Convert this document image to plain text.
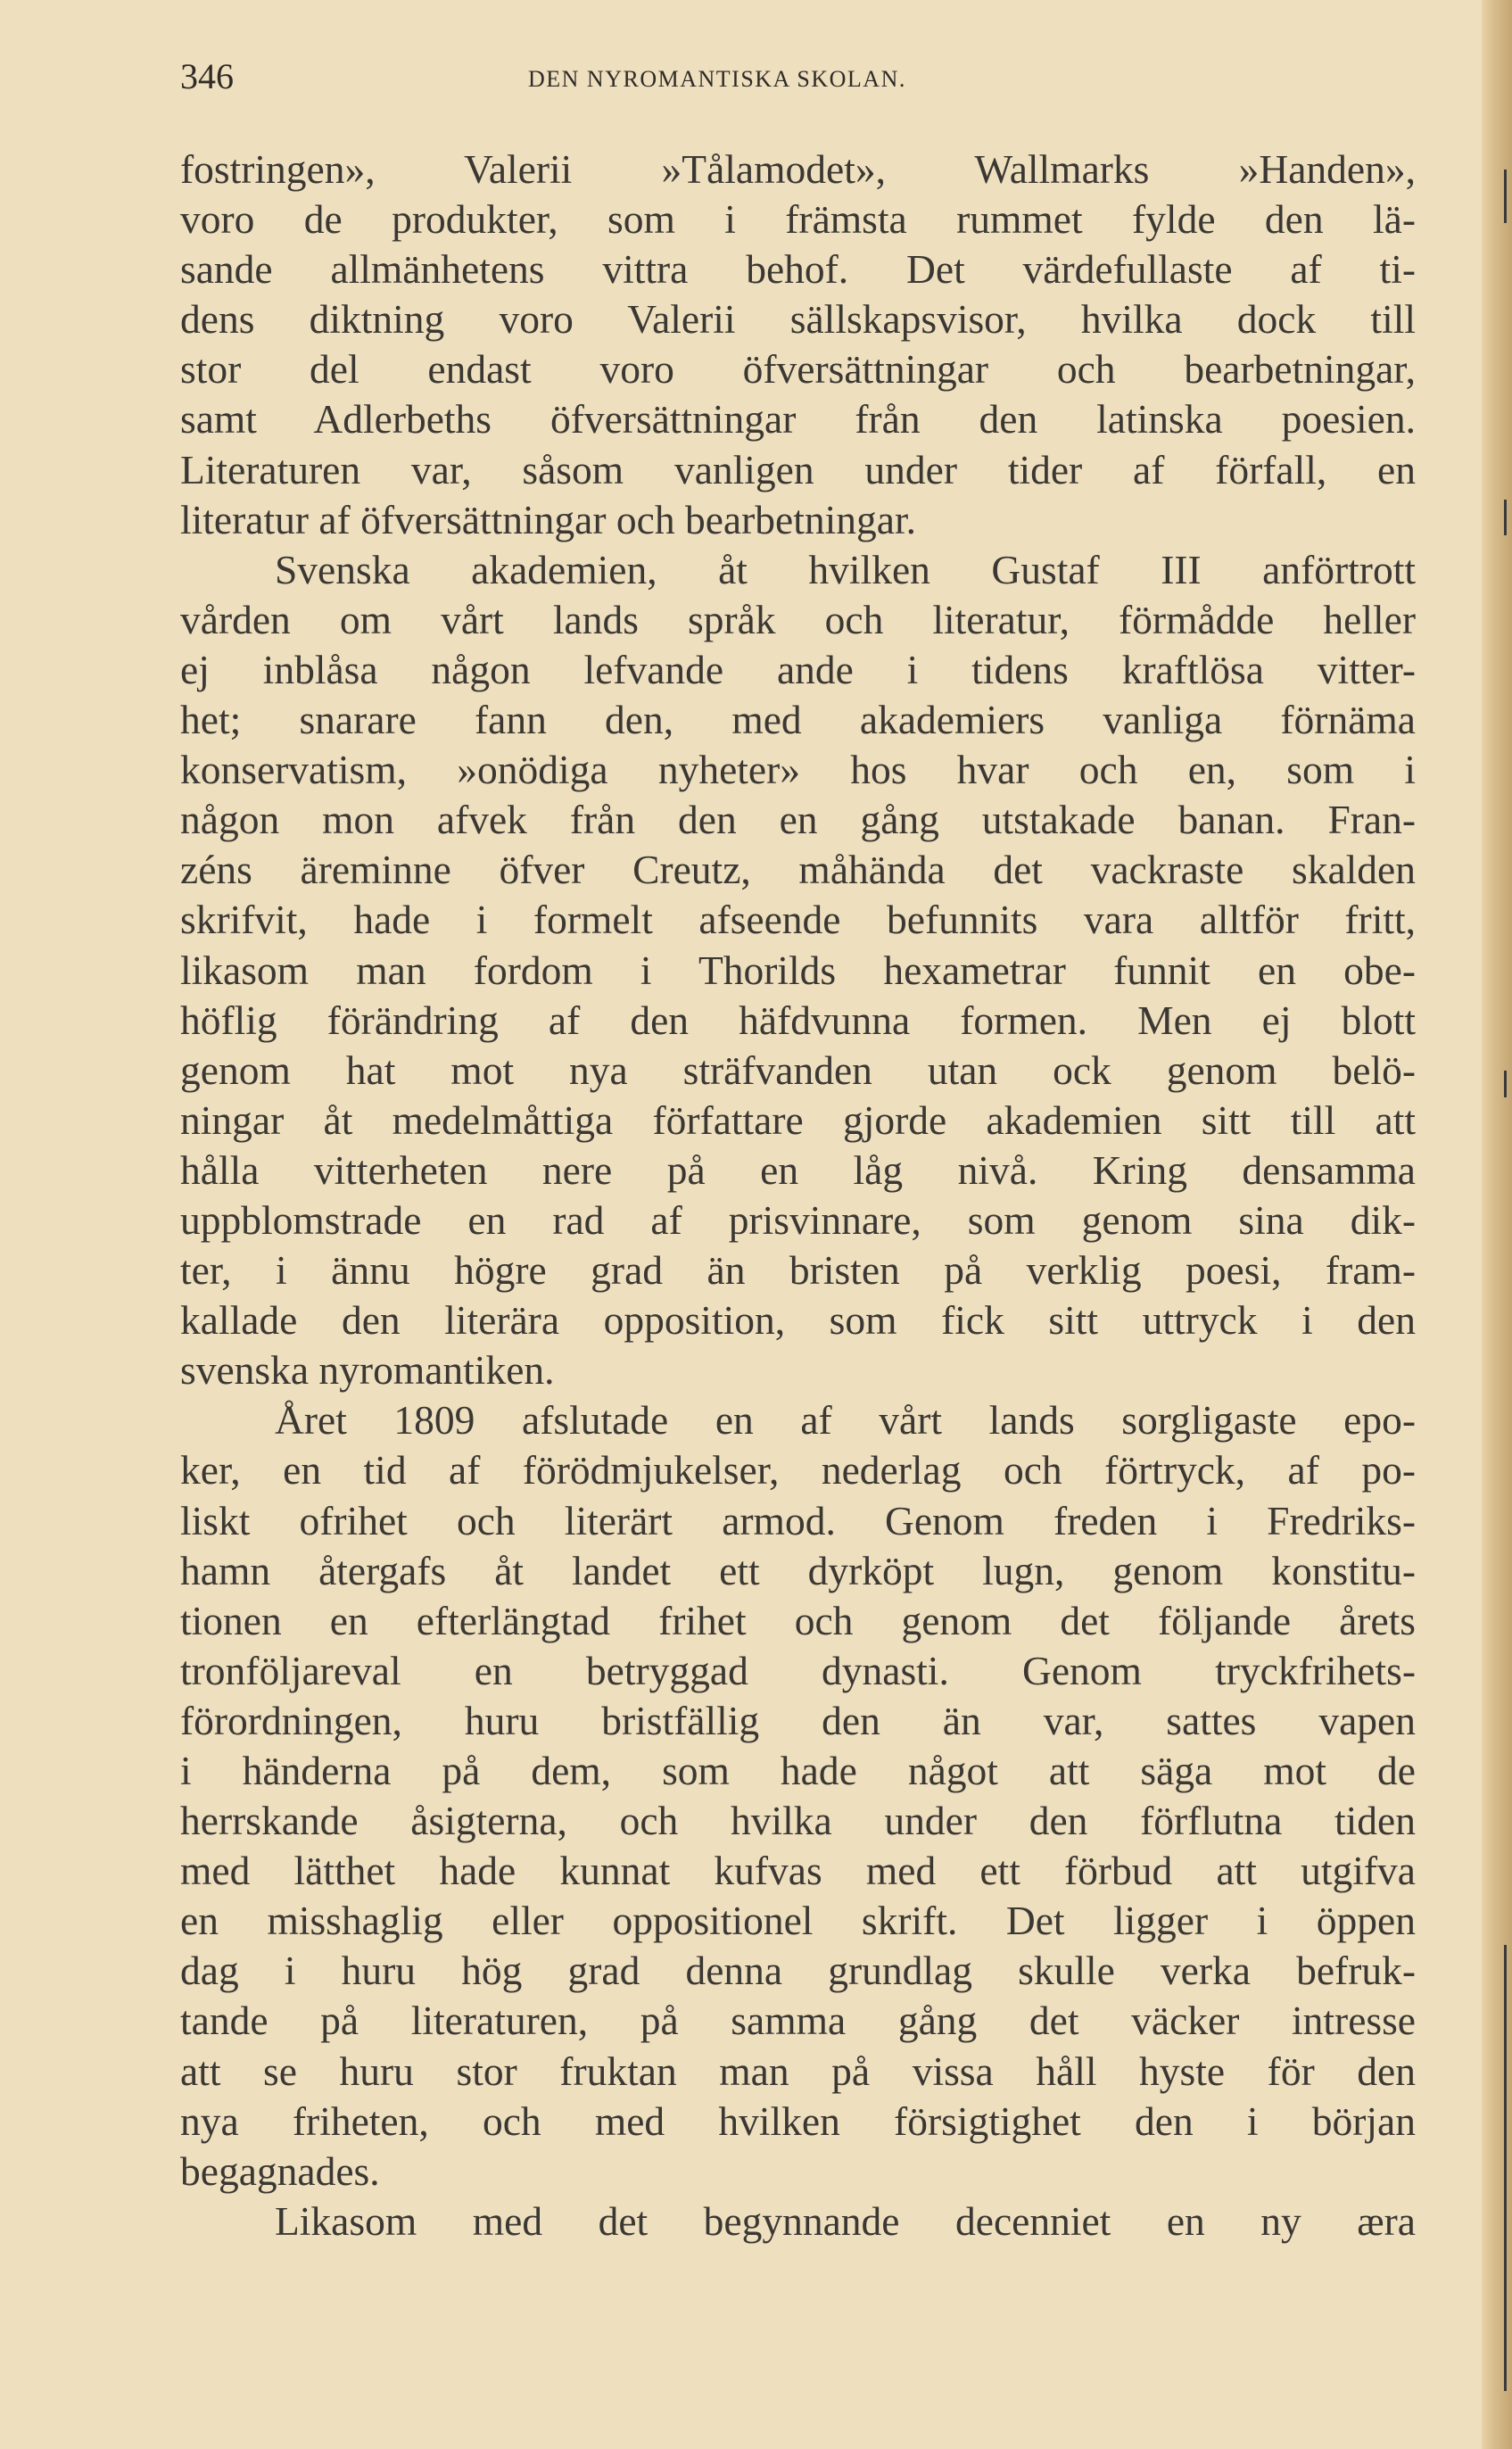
346	DEN NYROMANTISKA SKOLAN.
fostringen», Valerii »Tålamodet», Wallmarks »Handen»,
voro de produkter, som i främsta rummet fylde den lä-
sande allmänhetens vittra behof. Det värdefullaste af ti-
dens diktning voro Valerii sällskapsvisor, hvilka dock till
stor del endast voro öfversättningar och bearbetningar,
samt Adlerbeths öfversättningar från den latinska poesien.
Literaturen var, såsom vanligen under tider af förfall, en
literatur af öfversättningar och bearbetningar.
Svenska akademien, åt hvilken Gustaf III anförtrott
vården om vårt lands språk och literatur, förmådde heller
ej inblåsa någon lefvande ande i tidens kraftlösa vitter-
het; snarare fann den, med akademiers vanliga förnäma
konservatism, »onödiga nyheter» hos hvar och en, som i
någon mon afvek från den en gång utstakade banan. Fran-
zéns äreminne öfver Creutz, måhända det vackraste skalden
skrifvit, hade i formelt afseende befunnits vara alltför fritt,
likasom man fordom i Thorilds hexametrar funnit en obe-
höflig förändring af den häfdvunna formen. Men ej blott
genom hat mot nya sträfvanden utan ock genom belö-
ningar åt medelmåttiga författare gjorde akademien sitt till att
hålla vitterheten nere på en låg nivå. Kring densamma
uppblomstrade en rad af prisvinnare, som genom sina dik-
ter, i ännu högre grad än bristen på verklig poesi, fram-
kallade den literära opposition, som fick sitt uttryck i den
svenska nyromantiken.
Året 1809 afslutade en af vårt lands sorgligaste epo-
ker, en tid af förödmjukelser, nederlag och förtryck, af po-
liskt ofrihet och literärt armod. Genom freden i Fredriks-
hamn återgafs åt landet ett dyrköpt lugn, genom konstitu-
tionen en efterlängtad frihet och genom det följande årets
tronföljareval en betryggad dynasti. Genom tryckfrihets-
förordningen, huru bristfällig den än var, sattes vapen
i händerna på dem, som hade något att säga mot de
herrskande åsigterna, och hvilka under den förflutna tiden
med lätthet hade kunnat kufvas med ett förbud att utgifva
en misshaglig eller oppositionel skrift. Det ligger i öppen
dag i huru hög grad denna grundlag skulle verka befruk-
tande på literaturen, på samma gång det väcker intresse
att se huru stor fruktan man på vissa håll hyste för den
nya friheten, och med hvilken försigtighet den i början
begagnades.
Likasom med det begynnande decenniet en ny æra
